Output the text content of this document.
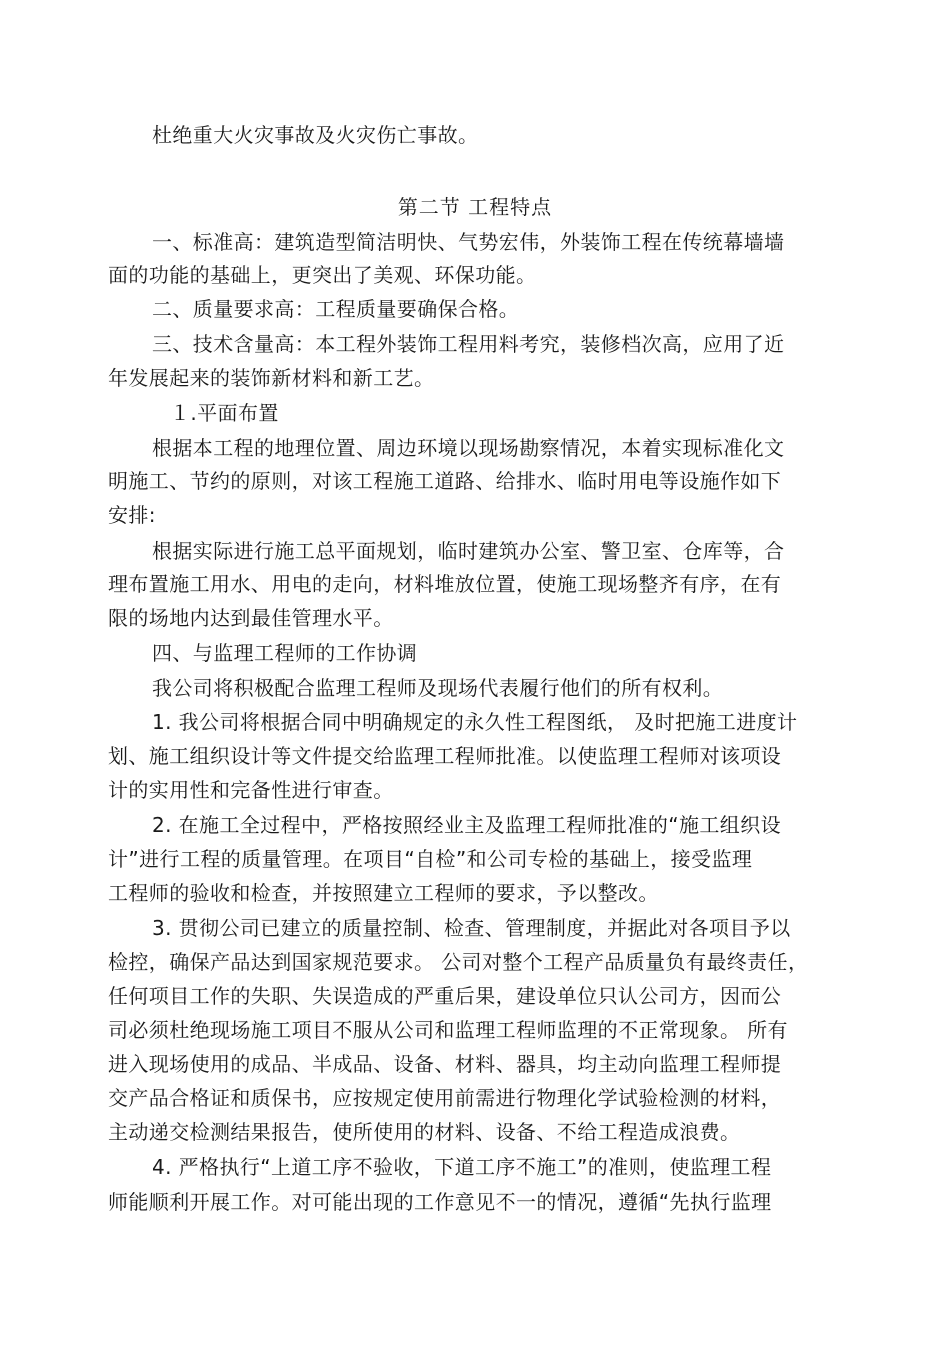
杜绝重大火灾事故及火灾伤亡事故。
第二节 工程特点
一、标准高：建筑造型简洁明快、气势宏伟，外装饰工程在传统幕墙墙
面的功能的基础上，更突出了美观、环保功能。
二、质量要求高：工程质量要确保合格。
三、技术含量高：本工程外装饰工程用料考究，装修档次高，应用了近
年发展起来的装饰新材料和新工艺。
１.平面布置
根据本工程的地理位置、周边环境以现场勘察情况，本着实现标准化文
明施工、节约的原则，对该工程施工道路、给排水、临时用电等设施作如下
安排:
根据实际进行施工总平面规划，临时建筑办公室、警卫室、仓库等，合
理布置施工用水、用电的走向，材料堆放位置，使施工现场整齐有序，在有
限的场地内达到最佳管理水平。
四、与监理工程师的工作协调
我公司将积极配合监理工程师及现场代表履行他们的所有权利。
1. 我公司将根据合同中明确规定的永久性工程图纸， 及时把施工进度计
划、施工组织设计等文件提交给监理工程师批准。以使监理工程师对该项设
计的实用性和完备性进行审查。
2. 在施工全过程中，严格按照经业主及监理工程师批准的“施工组织设
计”进行工程的质量管理。在项目“自检”和公司专检的基础上，接受监理
工程师的验收和检查，并按照建立工程师的要求，予以整改。
3. 贯彻公司已建立的质量控制、检查、管理制度，并据此对各项目予以
检控，确保产品达到国家规范要求。 公司对整个工程产品质量负有最终责任，
任何项目工作的失职、失误造成的严重后果，建设单位只认公司方，因而公
司必须杜绝现场施工项目不服从公司和监理工程师监理的不正常现象。 所有
进入现场使用的成品、半成品、设备、材料、器具，均主动向监理工程师提
交产品合格证和质保书，应按规定使用前需进行物理化学试验检测的材料，
主动递交检测结果报告，使所使用的材料、设备、不给工程造成浪费。
4. 严格执行“上道工序不验收，下道工序不施工”的准则，使监理工程
师能顺利开展工作。对可能出现的工作意见不一的情况，遵循“先执行监理
